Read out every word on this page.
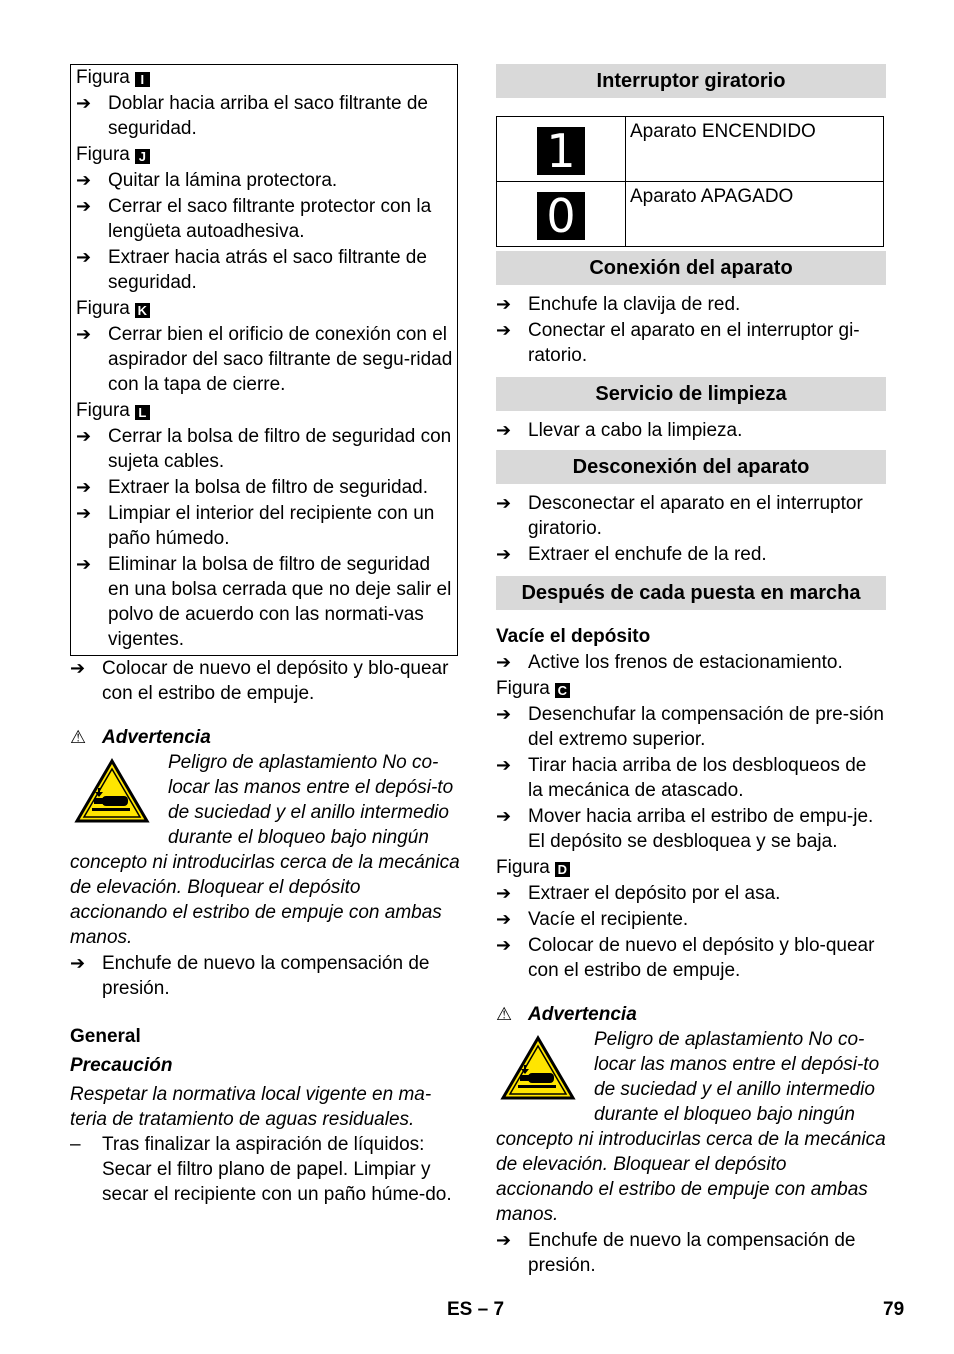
Figura I
➔ Doblar hacia arriba el saco filtrante de seguridad.
Figura J
➔ Quitar la lámina protectora.
➔ Cerrar el saco filtrante protector con la lengüeta autoadhesiva.
➔ Extraer hacia atrás el saco filtrante de seguridad.
Figura K
➔ Cerrar bien el orificio de conexión con el aspirador del saco filtrante de segu-ridad con la tapa de cierre.
Figura L
➔ Cerrar la bolsa de filtro de seguridad con sujeta cables.
➔ Extraer la bolsa de filtro de seguridad.
➔ Limpiar el interior del recipiente con un paño húmedo.
➔ Eliminar la bolsa de filtro de seguridad en una bolsa cerrada que no deje salir el polvo de acuerdo con las normati-vas vigentes.
➔ Colocar de nuevo el depósito y blo-quear con el estribo de empuje.
⚠ Advertencia
Peligro de aplastamiento No co-locar las manos entre el depósi-to de suciedad y el anillo intermedio durante el bloqueo bajo ningún concepto ni introducirlas cerca de la mecánica de elevación. Bloquear el depósito accionando el estribo de empuje con ambas manos.
➔ Enchufe de nuevo la compensación de presión.
General
Precaución
Respetar la normativa local vigente en ma-teria de tratamiento de aguas residuales.
–	Tras finalizar la aspiración de líquidos: Secar el filtro plano de papel. Limpiar y secar el recipiente con un paño húme-do.
Interruptor giratorio
1	Aparato ENCENDIDO
0	Aparato APAGADO
Conexión del aparato
➔ Enchufe la clavija de red.
➔ Conectar el aparato en el interruptor gi-ratorio.
Servicio de limpieza
➔ Llevar a cabo la limpieza.
Desconexión del aparato
➔ Desconectar el aparato en el interruptor giratorio.
➔ Extraer el enchufe de la red.
Después de cada puesta en marcha
Vacíe el depósito
➔ Active los frenos de estacionamiento.
Figura C
➔ Desenchufar la compensación de pre-sión del extremo superior.
➔ Tirar hacia arriba de los desbloqueos de la mecánica de atascado.
➔ Mover hacia arriba el estribo de empu-je. El depósito se desbloquea y se baja.
Figura D
➔ Extraer el depósito por el asa.
➔ Vacíe el recipiente.
➔ Colocar de nuevo el depósito y blo-quear con el estribo de empuje.
⚠ Advertencia
Peligro de aplastamiento No co-locar las manos entre el depósi-to de suciedad y el anillo intermedio durante el bloqueo bajo ningún concepto ni introducirlas cerca de la mecánica de elevación. Bloquear el depósito accionando el estribo de empuje con ambas manos.
➔ Enchufe de nuevo la compensación de presión.
ES – 7	79
